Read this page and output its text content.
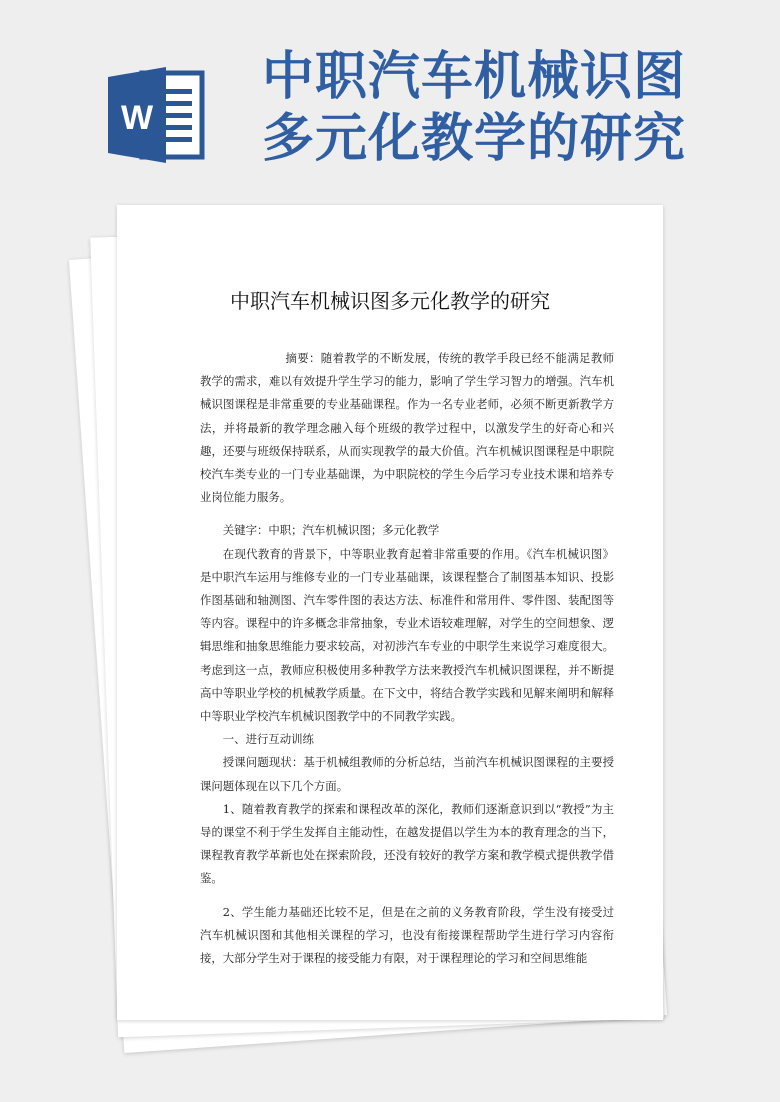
W
中职汽车机械识图
多元化教学的研究
中职汽车机械识图多元化教学的研究

摘要：随着教学的不断发展，传统的教学手段已经不能满足教师教学的需求，难以有效提升学生学习的能力，影响了学生学习智力的增强。汽车机械识图课程是非常重要的专业基础课程。作为一名专业老师，必须不断更新教学方法，并将最新的教学理念融入每个班级的教学过程中，以激发学生的好奇心和兴趣，还要与班级保持联系，从而实现教学的最大价值。汽车机械识图课程是中职院校汽车类专业的一门专业基础课，为中职院校的学生今后学习专业技术课和培养专业岗位能力服务。

关键字：中职；汽车机械识图；多元化教学

在现代教育的背景下，中等职业教育起着非常重要的作用。《汽车机械识图》是中职汽车运用与维修专业的一门专业基础课，该课程整合了制图基本知识、投影作图基础和轴测图、汽车零件图的表达方法、标准件和常用件、零件图、装配图等等内容。课程中的许多概念非常抽象，专业术语较难理解，对学生的空间想象、逻辑思维和抽象思维能力要求较高，对初涉汽车专业的中职学生来说学习难度很大。考虑到这一点，教师应积极使用多种教学方法来教授汽车机械识图课程，并不断提高中等职业学校的机械教学质量。在下文中，将结合教学实践和见解来阐明和解释中等职业学校汽车机械识图教学中的不同教学实践。

一、进行互动训练

授课问题现状：基于机械组教师的分析总结，当前汽车机械识图课程的主要授课问题体现在以下几个方面。

1、随着教育教学的探索和课程改革的深化，教师们逐渐意识到以“教授”为主导的课堂不利于学生发挥自主能动性，在越发提倡以学生为本的教育理念的当下，课程教育教学革新也处在探索阶段，还没有较好的教学方案和教学模式提供教学借鉴。

2、学生能力基础还比较不足，但是在之前的义务教育阶段，学生没有接受过汽车机械识图和其他相关课程的学习，也没有衔接课程帮助学生进行学习内容衔接，大部分学生对于课程的接受能力有限，对于课程理论的学习和空间思维能
